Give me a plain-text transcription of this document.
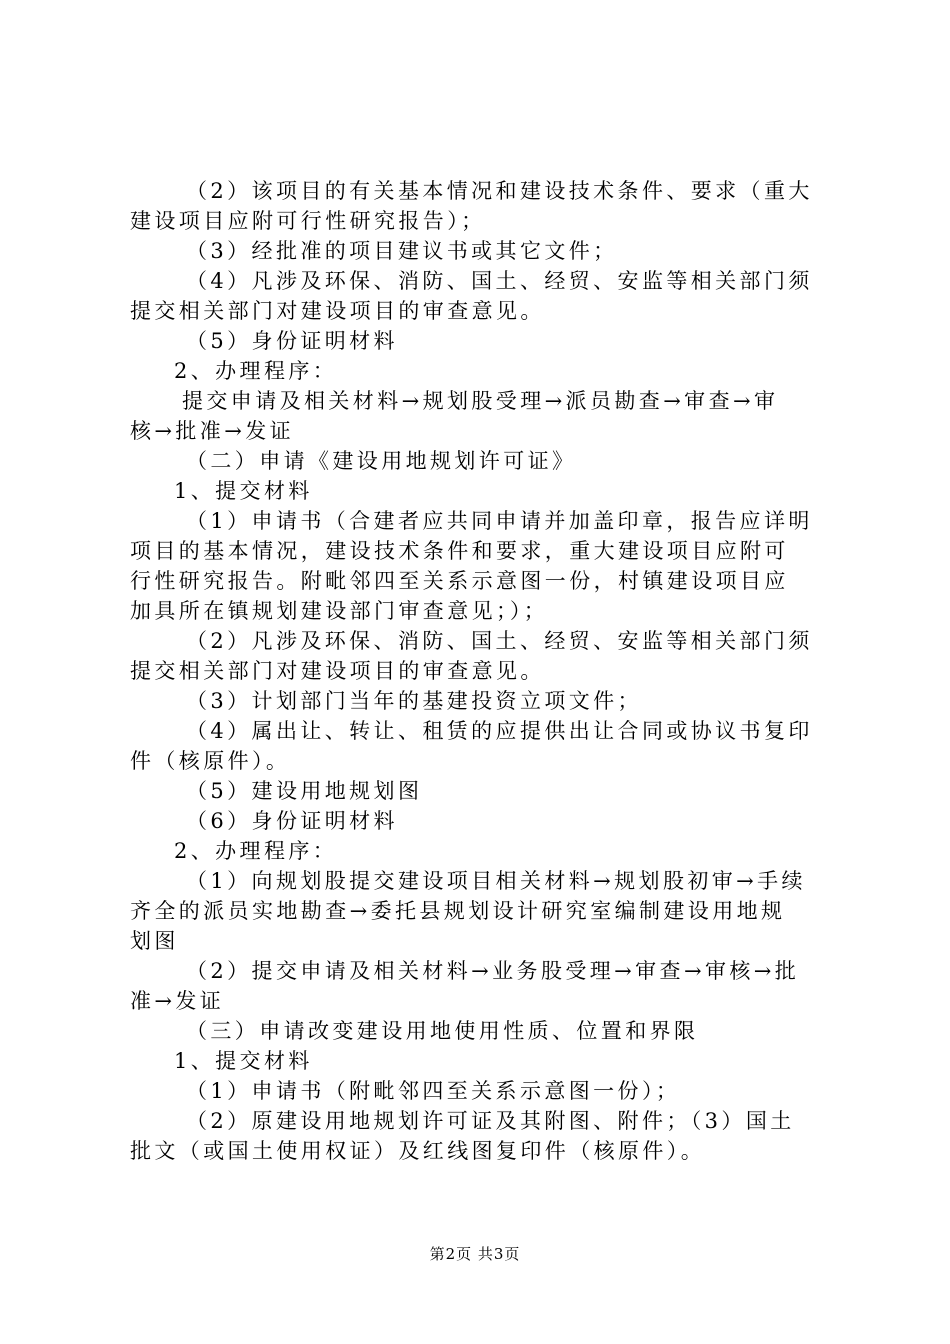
（2）该项目的有关基本情况和建设技术条件、要求（重大
建设项目应附可行性研究报告）；
（3）经批准的项目建议书或其它文件；
（4）凡涉及环保、消防、国土、经贸、安监等相关部门须
提交相关部门对建设项目的审查意见。
（5）身份证明材料
2、办理程序：
提交申请及相关材料→规划股受理→派员勘查→审查→审
核→批准→发证
（二）申请《建设用地规划许可证》
1、提交材料
（1）申请书（合建者应共同申请并加盖印章，报告应详明
项目的基本情况，建设技术条件和要求，重大建设项目应附可
行性研究报告。附毗邻四至关系示意图一份，村镇建设项目应
加具所在镇规划建设部门审查意见；）；
（2）凡涉及环保、消防、国土、经贸、安监等相关部门须
提交相关部门对建设项目的审查意见。
（3）计划部门当年的基建投资立项文件；
（4）属出让、转让、租赁的应提供出让合同或协议书复印
件（核原件）。
（5）建设用地规划图
（6）身份证明材料
2、办理程序：
（1）向规划股提交建设项目相关材料→规划股初审→手续
齐全的派员实地勘查→委托县规划设计研究室编制建设用地规
划图
（2）提交申请及相关材料→业务股受理→审查→审核→批
准→发证
（三）申请改变建设用地使用性质、位置和界限
1、提交材料
（1）申请书（附毗邻四至关系示意图一份）；
（2）原建设用地规划许可证及其附图、附件；（3）国土
批文（或国土使用权证）及红线图复印件（核原件）。
第2页 共3页
